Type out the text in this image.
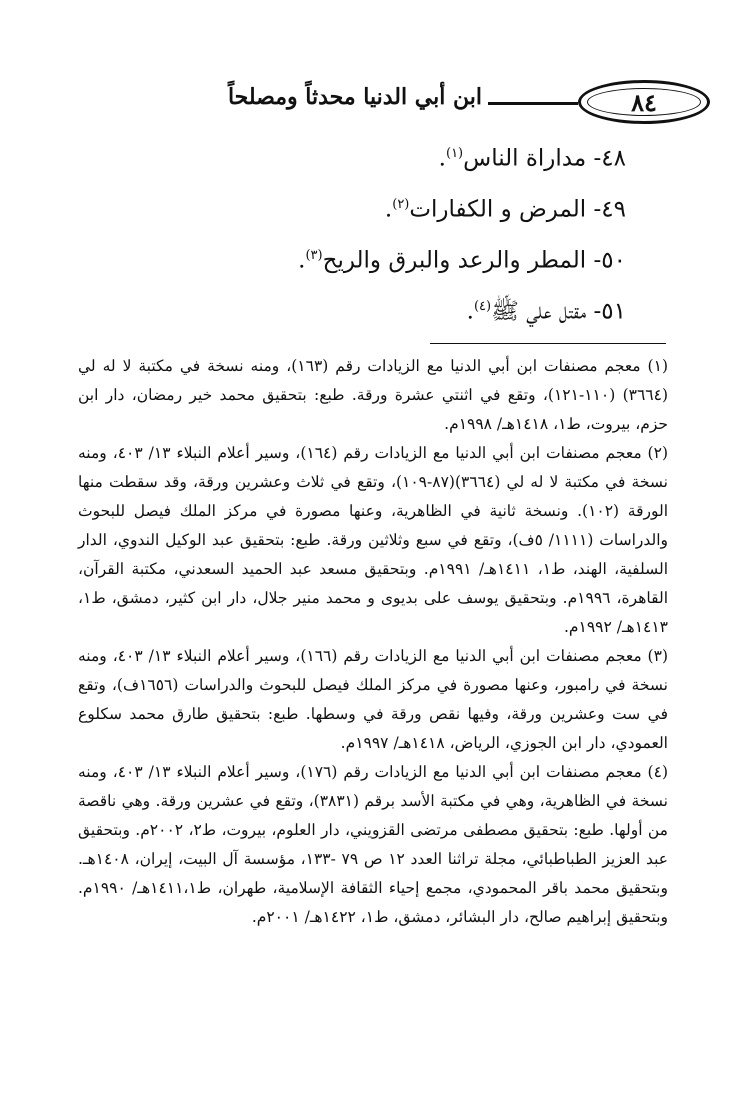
٨٤
ابن أبي الدنيا محدثاً ومصلحاً
٤٨- مداراة الناس$^{(١)}$.
٤٩- المرض و الكفارات$^{(٢)}$.
٥٠- المطر والرعد والبرق والريح$^{(٣)}$.
٥١- مقتل علي ﷺ$^{(٤)}$.

(١) معجم مصنفات ابن أبي الدنيا مع الزيادات رقم (١٦٣)، ومنه نسخة في مكتبة لا له لي (٣٦٦٤) (١١٠-١٢١)، وتقع في اثنتي عشرة ورقة. طبع: بتحقيق محمد خير رمضان، دار ابن حزم، بيروت، ط١، ١٤١٨هـ/ ١٩٩٨م.

(٢) معجم مصنفات ابن أبي الدنيا مع الزيادات رقم (١٦٤)، وسير أعلام النبلاء ١٣/ ٤٠٣، ومنه نسخة في مكتبة لا له لي (٣٦٦٤)(٨٧-١٠٩)، وتقع في ثلاث وعشرين ورقة، وقد سقطت منها الورقة (١٠٢). ونسخة ثانية في الظاهرية، وعنها مصورة في مركز الملك فيصل للبحوث والدراسات (١١١١/ ٥ف)، وتقع في سبع وثلاثين ورقة. طبع: بتحقيق عبد الوكيل الندوي، الدار السلفية، الهند، ط١، ١٤١١هـ/ ١٩٩١م. وبتحقيق مسعد عبد الحميد السعدني، مكتبة القرآن، القاهرة، ١٩٩٦م. وبتحقيق يوسف على بديوى و محمد منير جلال، دار ابن كثير، دمشق، ط١، ١٤١٣هـ/ ١٩٩٢م.

(٣) معجم مصنفات ابن أبي الدنيا مع الزيادات رقم (١٦٦)، وسير أعلام النبلاء ١٣/ ٤٠٣، ومنه نسخة في رامبور، وعنها مصورة في مركز الملك فيصل للبحوث والدراسات (١٦٥٦ف)، وتقع في ست وعشرين ورقة، وفيها نقص ورقة في وسطها. طبع: بتحقيق طارق محمد سكلوع العمودي، دار ابن الجوزي، الرياض، ١٤١٨هـ/ ١٩٩٧م.

(٤) معجم مصنفات ابن أبي الدنيا مع الزيادات رقم (١٧٦)، وسير أعلام النبلاء ١٣/ ٤٠٣، ومنه نسخة في الظاهرية، وهي في مكتبة الأسد برقم (٣٨٣١)، وتقع في عشرين ورقة. وهي ناقصة من أولها. طبع: بتحقيق مصطفى مرتضى القزويني، دار العلوم، بيروت، ط٢، ٢٠٠٢م. وبتحقيق عبد العزيز الطباطبائي، مجلة تراثنا العدد ١٢ ص ٧٩ -١٣٣، مؤسسة آل البيت، إيران، ١٤٠٨هـ. وبتحقيق محمد باقر المحمودي، مجمع إحياء الثقافة الإسلامية، طهران، ط١٤١١،١هـ/ ١٩٩٠م. وبتحقيق إبراهيم صالح، دار البشائر، دمشق، ط١، ١٤٢٢هـ/ ٢٠٠١م.
